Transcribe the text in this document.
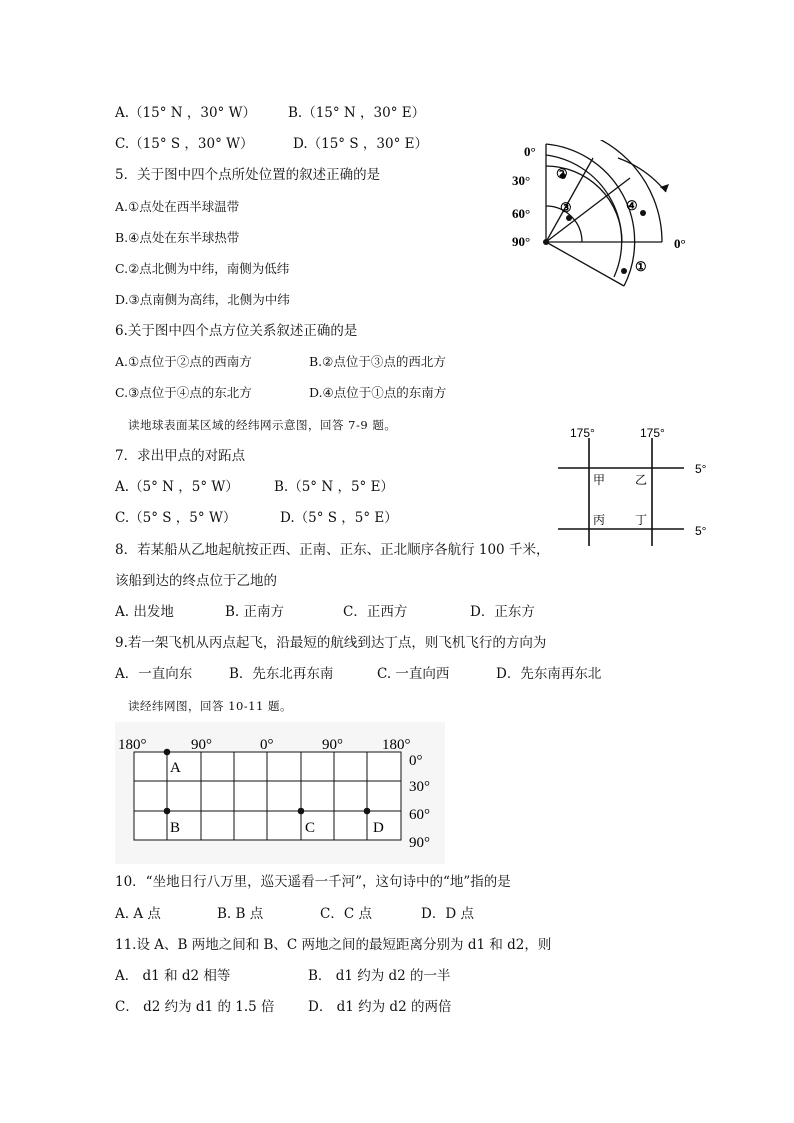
A.（15° N ，30° W） B.（15° N ，30° E）
C.（15° S ，30° W）	D.（15° S ，30° E）
5．关于图中四个点所处位置的叙述正确的是
A.①点处在西半球温带
B.④点处在东半球热带
C.②点北侧为中纬，南侧为低纬
D.③点南侧为高纬，北侧为中纬
6.关于图中四个点方位关系叙述正确的是
A.①点位于②点的西南方	B.②点位于③点的西北方
C.③点位于④点的东北方	D.④点位于①点的东南方
读地球表面某区域的经纬网示意图，回答 7-9 题。
7．求出甲点的对跖点
A.（5° N ，5° W）	B.（5° N ，5° E）
C.（5° S ，5° W）	D.（5° S ，5° E）
8．若某船从乙地起航按正西、正南、正东、正北顺序各航行 100 千米，
该船到达的终点位于乙地的
A. 出发地	B. 正南方	C．正西方	D．正东方
9.若一架飞机从丙点起飞，沿最短的航线到达丁点，则飞机飞行的方向为
A．一直向东	B．先东北再东南	C. 一直向西	D．先东南再东北
读经纬网图，回答 10-11 题。
10．“坐地日行八万里，巡天遥看一千河”，这句诗中的“地”指的是
A. A 点	B. B 点	C．C 点	D．D 点
11.设 A、B 两地之间和 B、C 两地之间的最短距离分别为 d1 和 d2，则
A． d1 和 d2 相等	B． d1 约为 d2 的一半
C． d2 约为 d1 的 1.5 倍 D． d1 约为 d2 的两倍
0°
30°
60°
90°	0°
②
③	④
①
175°	175°
5°
5°
甲 乙
丙 丁
180°	90°	0°	90°	180°
0°
30°
60°
90°
A
B	C	D
